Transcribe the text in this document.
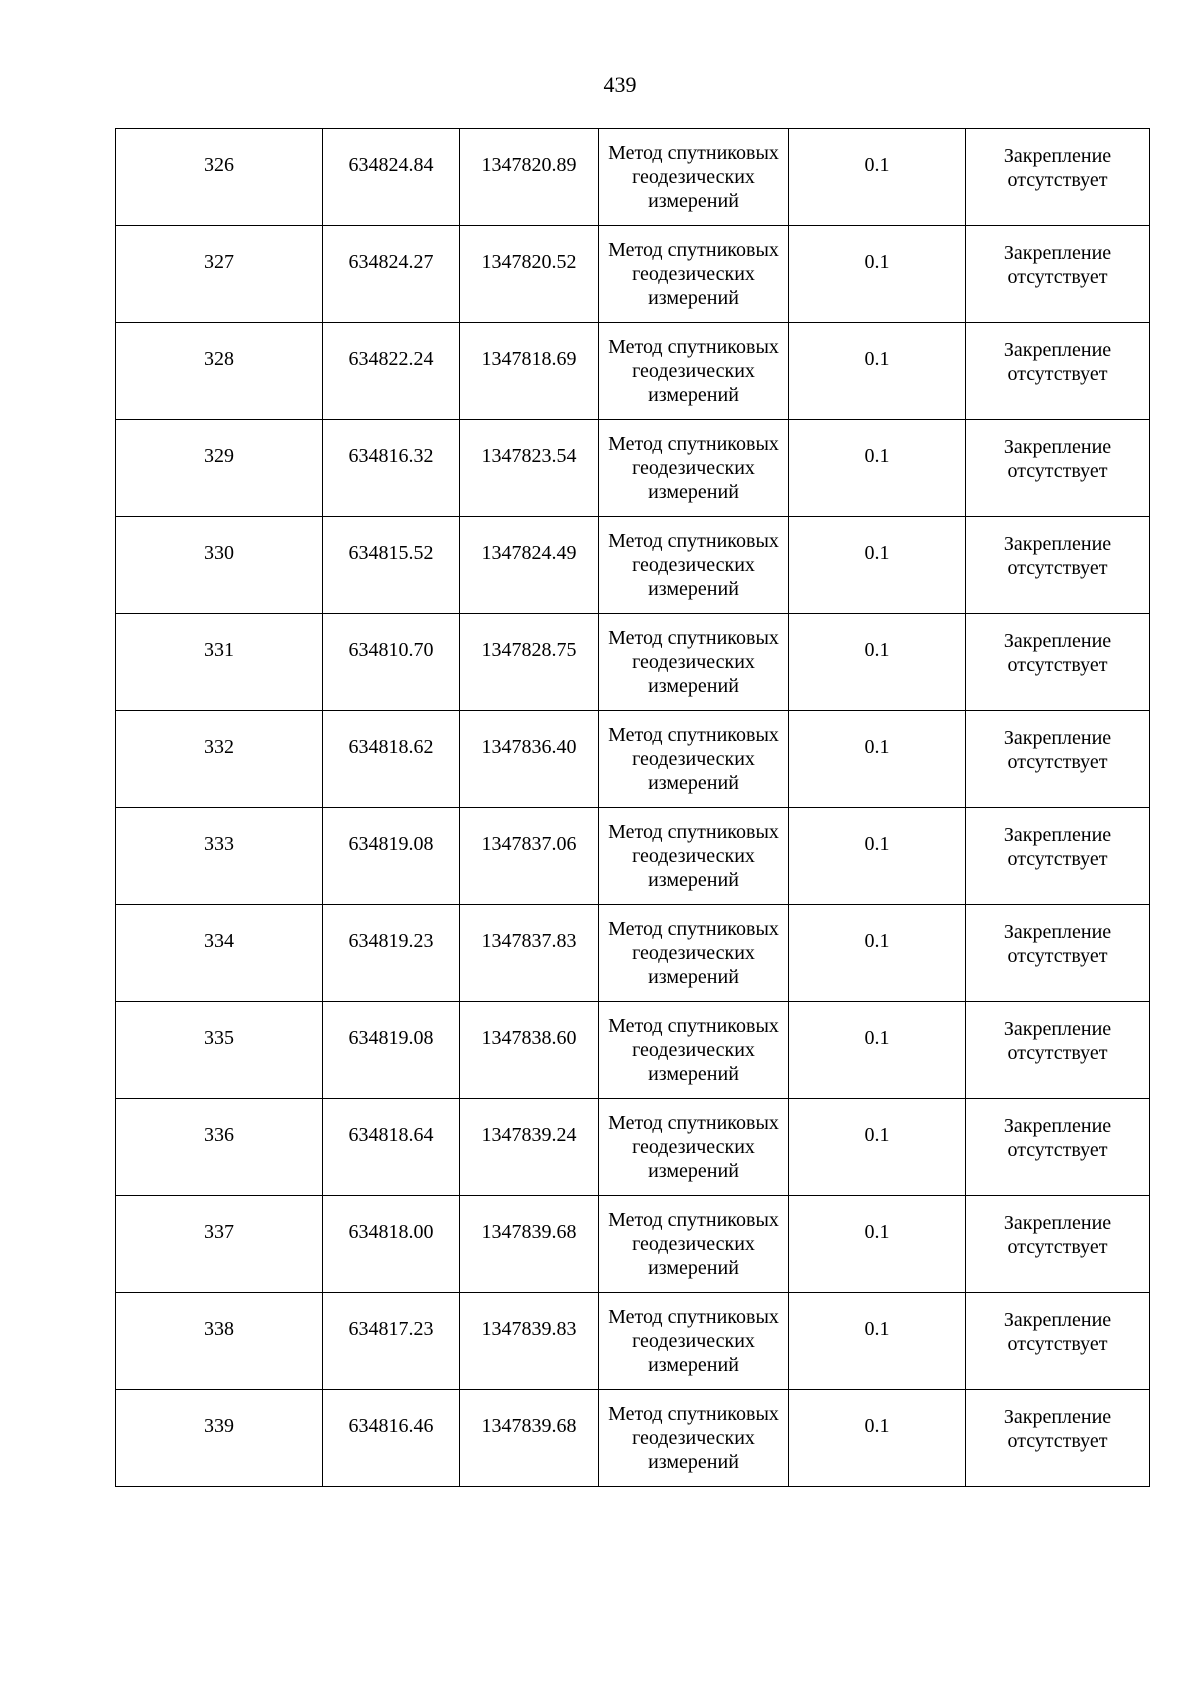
439
326	634824.84	1347820.89	Метод спутниковых геодезических измерений	0.1	Закрепление отсутствует

327	634824.27	1347820.52	Метод спутниковых геодезических измерений	0.1	Закрепление отсутствует

328	634822.24	1347818.69	Метод спутниковых геодезических измерений	0.1	Закрепление отсутствует

329	634816.32	1347823.54	Метод спутниковых геодезических измерений	0.1	Закрепление отсутствует

330	634815.52	1347824.49	Метод спутниковых геодезических измерений	0.1	Закрепление отсутствует

331	634810.70	1347828.75	Метод спутниковых геодезических измерений	0.1	Закрепление отсутствует

332	634818.62	1347836.40	Метод спутниковых геодезических измерений	0.1	Закрепление отсутствует

333	634819.08	1347837.06	Метод спутниковых геодезических измерений	0.1	Закрепление отсутствует

334	634819.23	1347837.83	Метод спутниковых геодезических измерений	0.1	Закрепление отсутствует

335	634819.08	1347838.60	Метод спутниковых геодезических измерений	0.1	Закрепление отсутствует

336	634818.64	1347839.24	Метод спутниковых геодезических измерений	0.1	Закрепление отсутствует

337	634818.00	1347839.68	Метод спутниковых геодезических измерений	0.1	Закрепление отсутствует

338	634817.23	1347839.83	Метод спутниковых геодезических измерений	0.1	Закрепление отсутствует

339	634816.46	1347839.68	Метод спутниковых геодезических измерений	0.1	Закрепление отсутствует
